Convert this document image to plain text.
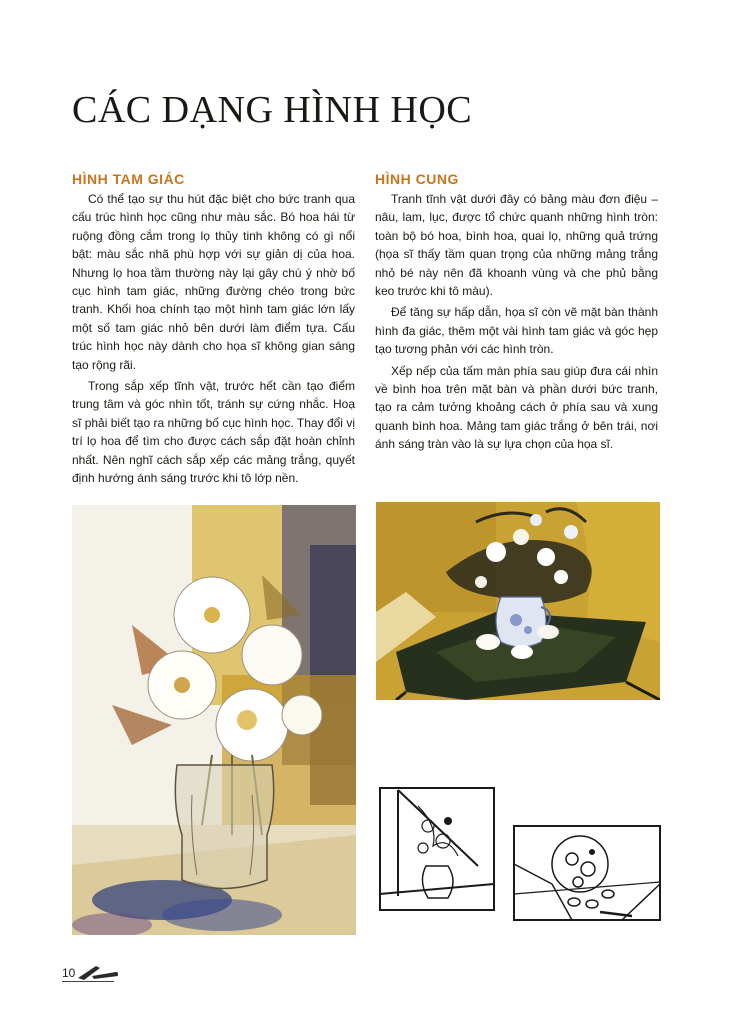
CÁC DẠNG HÌNH HỌC
HÌNH TAM GIÁC

Có thể tạo sự thu hút đặc biệt cho bức tranh qua cấu trúc hình học cũng như màu sắc. Bó hoa hái từ ruộng đồng cắm trong lọ thủy tinh không có gì nổi bật: màu sắc nhã phù hợp với sự giản dị của hoa. Nhưng lọ hoa tầm thường này lại gây chú ý nhờ bố cục hình tam giác, những đường chéo trong bức tranh. Khối hoa chính tạo một hình tam giác lớn lấy một số tam giác nhỏ bên dưới làm điểm tựa. Cấu trúc hình học này dành cho họa sĩ không gian sáng tạo rộng rãi.

Trong sắp xếp tĩnh vật, trước hết cần tạo điểm trung tâm và góc nhìn tốt, tránh sự cứng nhắc. Hoạ sĩ phải biết tạo ra những bố cục hình học. Thay đổi vị trí lọ hoa để tìm cho được cách sắp đặt hoàn chỉnh nhất. Nên nghĩ cách sắp xếp các mảng trắng, quyết định hướng ánh sáng trước khi tô lớp nền.

HÌNH CUNG

Tranh tĩnh vật dưới đây có bảng màu đơn điệu –nâu, lam, lục, được tổ chức quanh những hình tròn: toàn bộ bó hoa, bình hoa, quai lọ, những quả trứng (họa sĩ thấy tầm quan trọng của những mảng trắng nhỏ bé này nên đã khoanh vùng và che phủ bằng keo trước khi tô màu).

Để tăng sự hấp dẫn, họa sĩ còn vẽ mặt bàn thành hình đa giác, thêm một vài hình tam giác và góc hẹp tạo tương phản với các hình tròn.

Xếp nếp của tấm màn phía sau giúp đưa cái nhìn về bình hoa trên mặt bàn và phần dưới bức tranh, tạo ra cảm tưởng khoảng cách ở phía sau và xung quanh bình hoa. Mảng tam giác trắng ở bên trái, nơi ánh sáng tràn vào là sự lựa chọn của họa sĩ.

10
